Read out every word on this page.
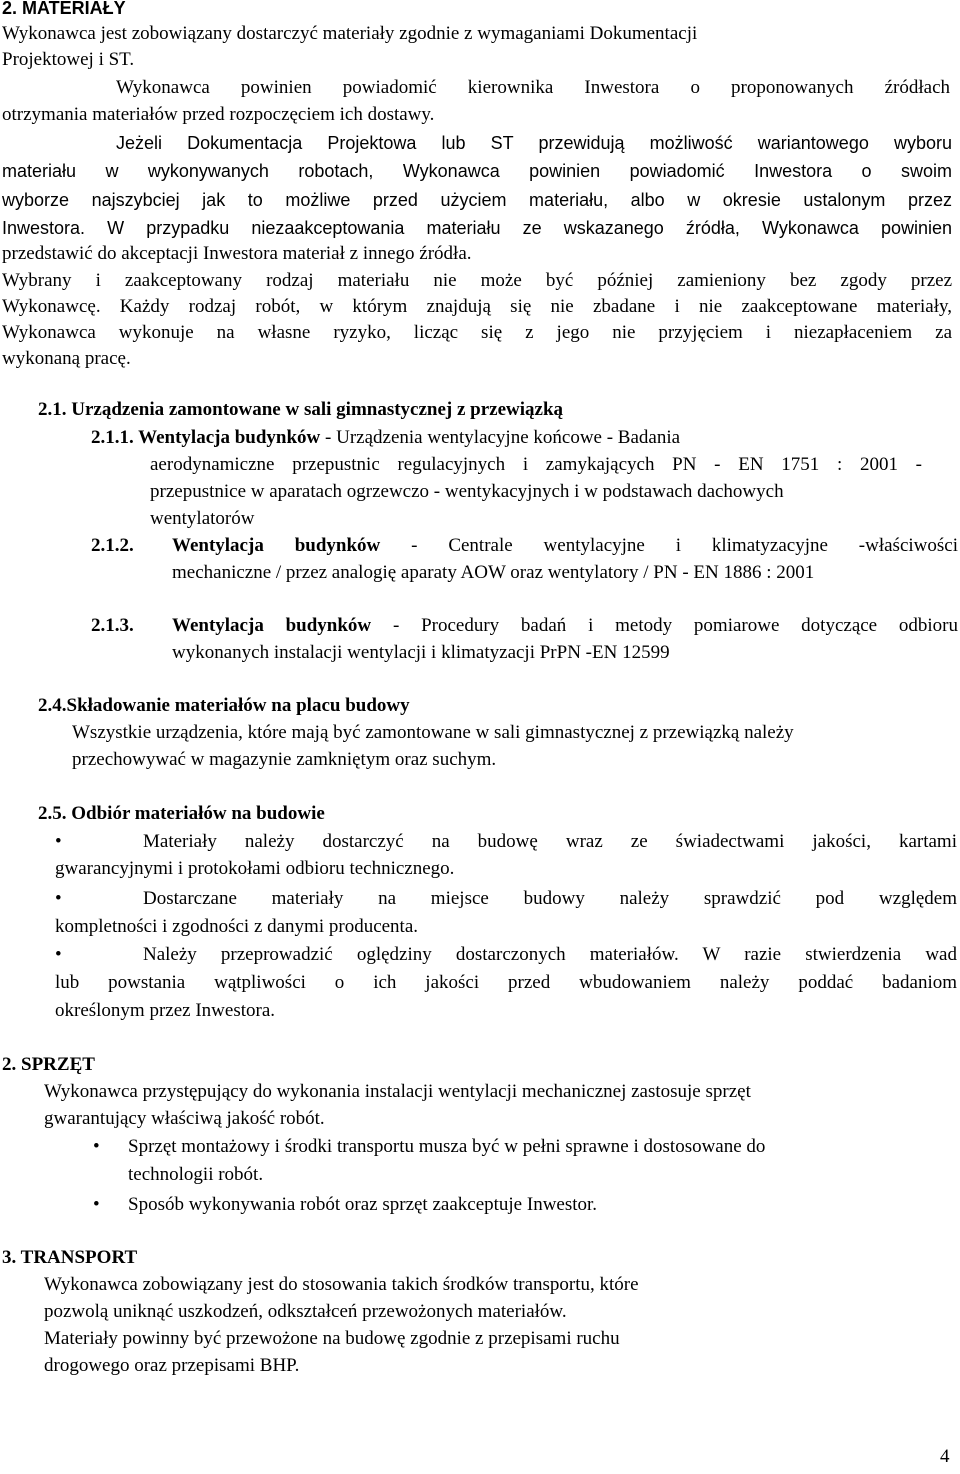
2. MATERIAŁY
Wykonawca jest zobowiązany dostarczyć materiały zgodnie z wymaganiami Dokumentacji
Projektowej i ST.
Wykonawca powinien powiadomić kierownika Inwestora o proponowanych źródłach
otrzymania materiałów przed rozpoczęciem ich dostawy.
Jeżeli Dokumentacja Projektowa lub ST przewidują możliwość wariantowego wyboru
materiału w wykonywanych robotach, Wykonawca powinien powiadomić Inwestora o swoim
wyborze najszybciej jak to możliwe przed użyciem materiału, albo w okresie ustalonym przez
Inwestora. W przypadku niezaakceptowania materiału ze wskazanego źródła, Wykonawca powinien
przedstawić do akceptacji Inwestora materiał z innego źródła.
Wybrany i zaakceptowany rodzaj materiału nie może być później zamieniony bez zgody przez
Wykonawcę. Każdy rodzaj robót, w którym znajdują się nie zbadane i nie zaakceptowane materiały,
Wykonawca wykonuje na własne ryzyko, licząc się z jego nie przyjęciem i niezapłaceniem za
wykonaną pracę.
2.1. Urządzenia zamontowane w sali gimnastycznej z przewiązką
2.1.1. Wentylacja budynków - Urządzenia wentylacyjne końcowe - Badania
aerodynamiczne przepustnic regulacyjnych i zamykających PN - EN 1751 : 2001 -
przepustnice w aparatach ogrzewczo - wentykacyjnych i w podstawach dachowych
wentylatorów
2.1.2. Wentylacja budynków - Centrale wentylacyjne i klimatyzacyjne -właściwości
mechaniczne / przez analogię aparaty AOW oraz wentylatory / PN - EN 1886 : 2001
2.1.3. Wentylacja budynków - Procedury badań i metody pomiarowe dotyczące odbioru
wykonanych instalacji wentylacji i klimatyzacji PrPN -EN 12599
2.4.Składowanie materiałów na placu budowy
Wszystkie urządzenia, które mają być zamontowane w sali gimnastycznej z przewiązką należy
przechowywać w magazynie zamkniętym oraz suchym.
2.5. Odbiór materiałów na budowie
•	Materiały należy dostarczyć na budowę wraz ze świadectwami jakości, kartami
gwarancyjnymi i protokołami odbioru technicznego.
•	Dostarczane materiały na miejsce budowy należy sprawdzić pod względem
kompletności i zgodności z danymi producenta.
•	Należy przeprowadzić oględziny dostarczonych materiałów. W razie stwierdzenia wad
lub powstania wątpliwości o ich jakości przed wbudowaniem należy poddać badaniom
określonym przez Inwestora.
2. SPRZĘT
Wykonawca przystępujący do wykonania instalacji wentylacji mechanicznej zastosuje sprzęt
gwarantujący właściwą jakość robót.
• Sprzęt montażowy i środki transportu musza być w pełni sprawne i dostosowane do
technologii robót.
• Sposób wykonywania robót oraz sprzęt zaakceptuje Inwestor.
3. TRANSPORT
Wykonawca zobowiązany jest do stosowania takich środków transportu, które
pozwolą uniknąć uszkodzeń, odkształceń przewożonych materiałów.
Materiały powinny być przewożone na budowę zgodnie z przepisami ruchu
drogowego oraz przepisami BHP.
4
